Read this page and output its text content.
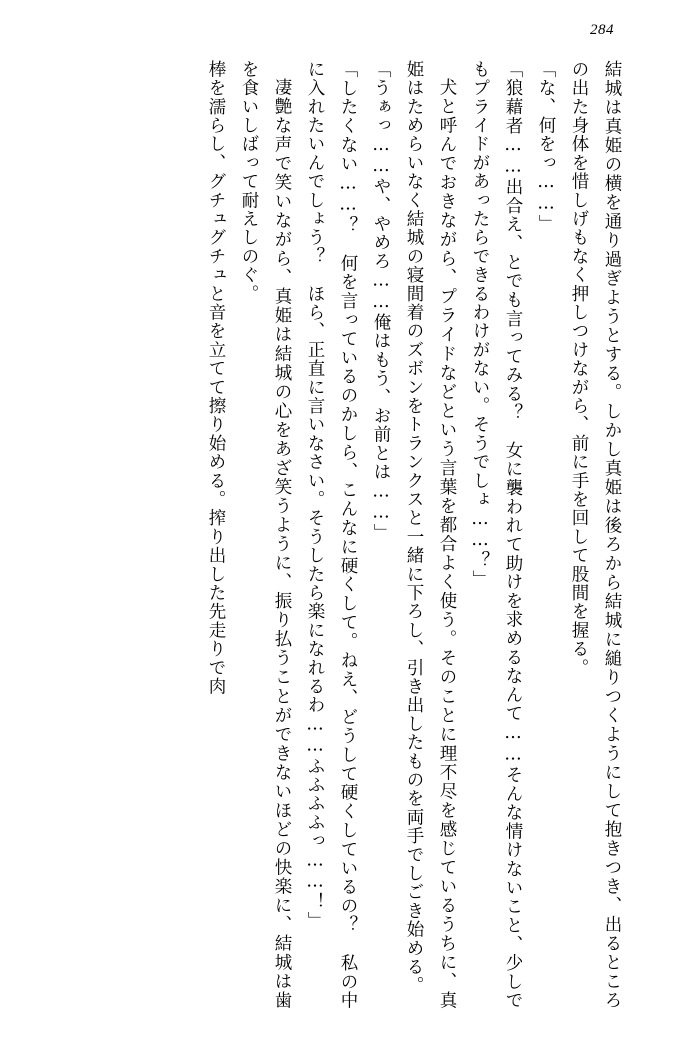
284

結城は真姫の横を通り過ぎようとする。しかし真姫は後ろから結城に縋りつくようにして抱きつき、出るところの出た身体を惜しげもなく押しつけながら、前に手を回して股間を握る。

「な、何をっ……」

「狼藉者……出合え、とでも言ってみる？　女に襲われて助けを求めるなんて……そんな情けないこと、少しでもプライドがあったらできるわけがない。そうでしょ……？」

犬と呼んでおきながら、プライドなどという言葉を都合よく使う。そのことに理不尽を感じているうちに、真姫はためらいなく結城の寝間着のズボンをトランクスと一緒に下ろし、引き出したものを両手でしごき始める。

「うぁっ……や、やめろ……俺はもう、お前とは……」

「したくない……？　何を言っているのかしら、こんなに硬くして。ねえ、どうして硬くしているの？　私の中に入れたいんでしょう？　ほら、正直に言いなさい。そうしたら楽になれるわ……ふふふふっ……！」

凄艶な声で笑いながら、真姫は結城の心をあざ笑うように、振り払うことができないほどの快楽に、結城は歯を食いしばって耐えしのぐ。

棒を濡らし、グチュグチュと音を立てて擦り始める。搾り出した先走りで肉
